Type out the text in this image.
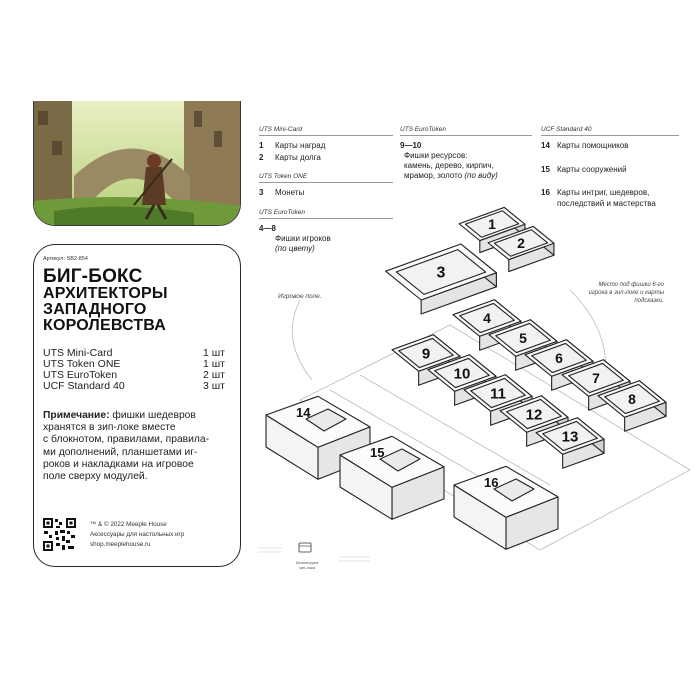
Артикул: SB2-854
БИГ-БОКС
АРХИТЕКТОРЫ
ЗАПАДНОГО
КОРОЛЕВСТВА
UTS Mini-Card	1 шт
UTS Token ONE	1 шт
UTS EuroToken	2 шт
UCF Standard 40	3 шт
Примечание: фишки шедевров
хранятся в зип-локе вместе
с блокнотом, правилами, правила-
ми дополнений, планшетами иг-
роков и накладками на игровое
поле сверху модулей.
™ & © 2022 Meeple House
Аксессуары для настольных игр
shop.meeplehouse.ru
UTS Mini-Card
1	Карты наград
2	Карты долга
UTS Token ONE
3	Монеты
UTS EuroToken
4—8
Фишки игроков
(по цвету)
UTS EuroToken
9—10
Фишки ресурсов:
камень, дерево, кирпич,
мрамор, золото (по виду)
UCF Standard 40
14 Карты помощников
15 Карты сооружений
16 Карты интриг, шедевров,
последствий и мастерства
Игровое поле.
Место под фишки 6-го
игрока в зип-локе и карты
подсказки.
Используем
зип-лока
14
15
16
9
10
11
12
13
4
5
6
7
8
3
1
2
